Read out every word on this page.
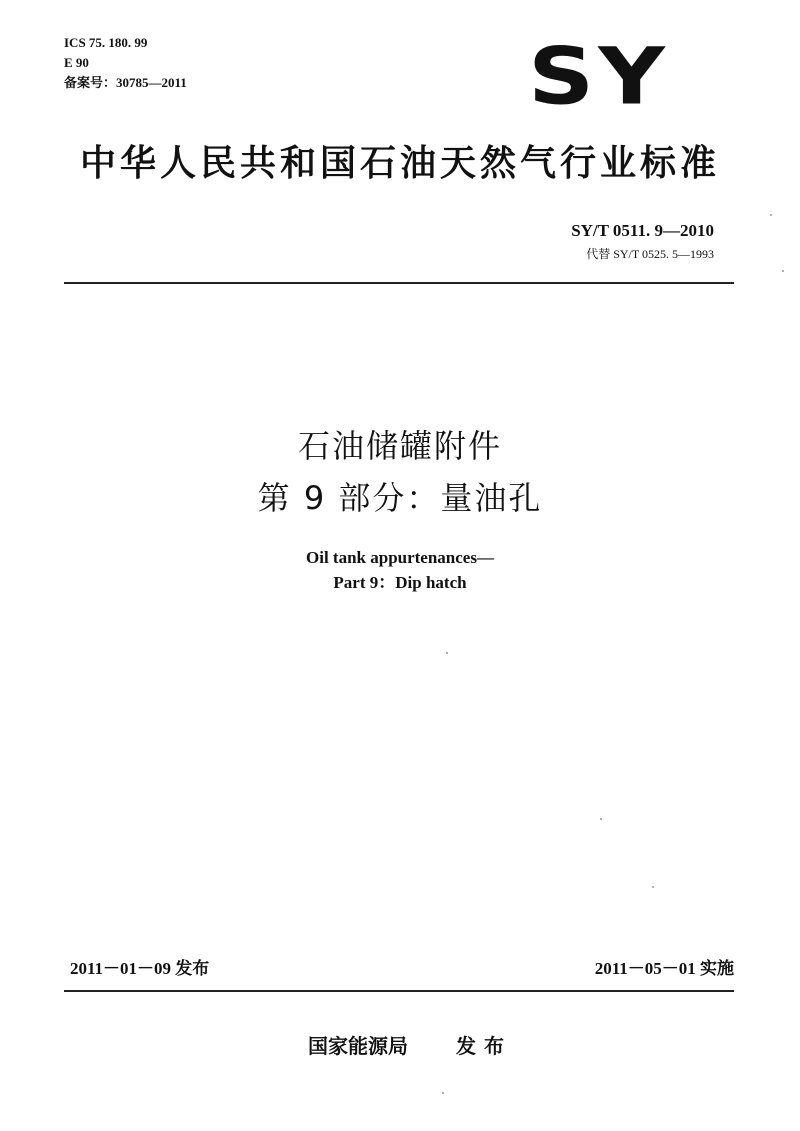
ICS 75. 180. 99
E 90
备案号：30785—2011	SY
中华人民共和国石油天然气行业标准
SY/T 0511. 9—2010
代替 SY/T 0525. 5—1993
石油储罐附件
第 9 部分：量油孔
Oil tank appurtenances—
Part 9：Dip hatch
2011－01－09 发布	2011－05－01 实施
国家能源局 发布
